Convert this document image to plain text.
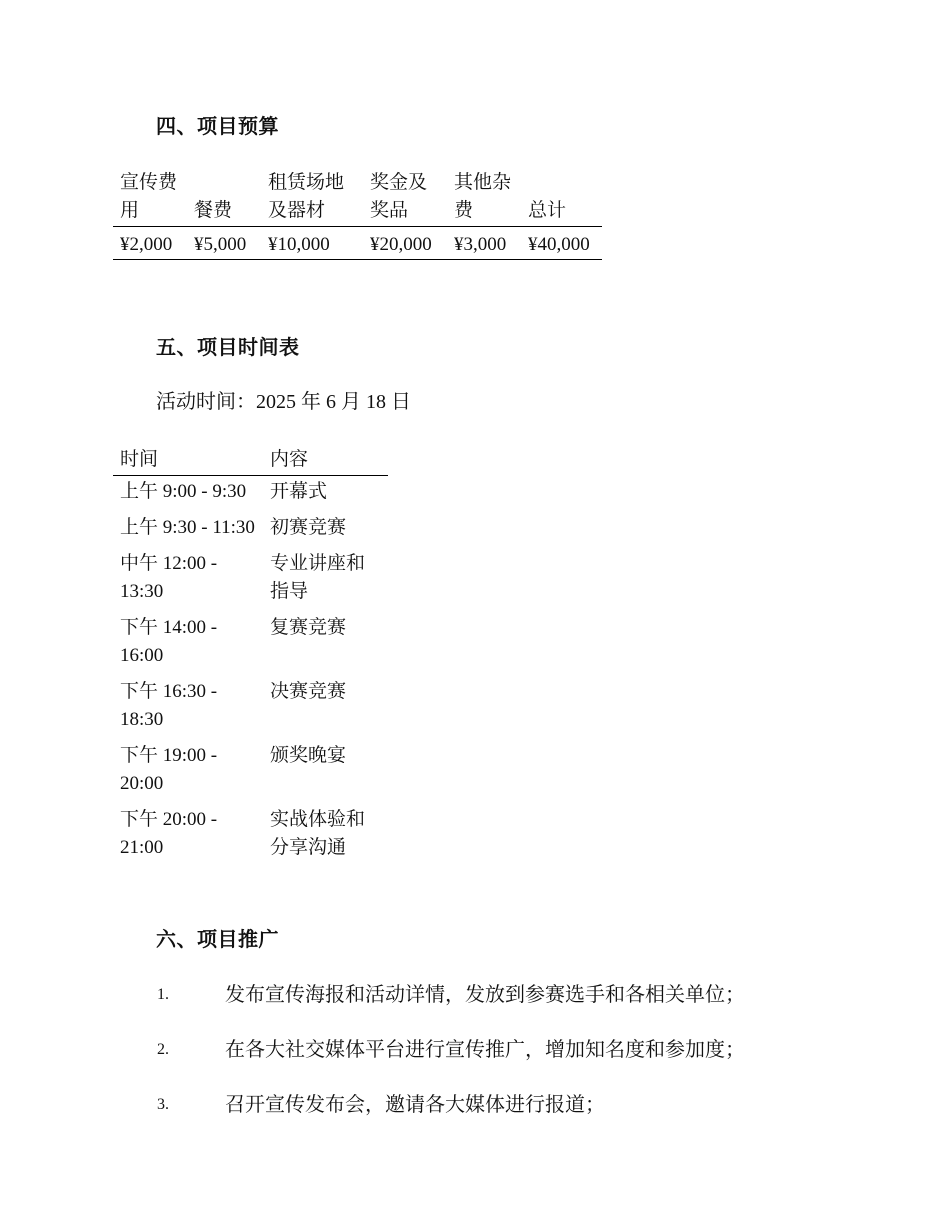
四、项目预算
宣传费用	餐费	租赁场地及器材	奖金及奖品	其他杂费	总计
¥2,000	¥5,000	¥10,000	¥20,000	¥3,000	¥40,000
五、项目时间表

活动时间：2025 年 6 月 18 日

时间	内容
上午 9:00 - 9:30	开幕式
上午 9:30 - 11:30	初赛竞赛
中午 12:00 - 13:30	专业讲座和指导
下午 14:00 - 16:00	复赛竞赛
下午 16:30 - 18:30	决赛竞赛
下午 19:00 - 20:00	颁奖晚宴
下午 20:00 - 21:00	实战体验和分享沟通
六、项目推广
1.	发布宣传海报和活动详情，发放到参赛选手和各相关单位；
2.	在各大社交媒体平台进行宣传推广，增加知名度和参加度；
3.	召开宣传发布会，邀请各大媒体进行报道；
